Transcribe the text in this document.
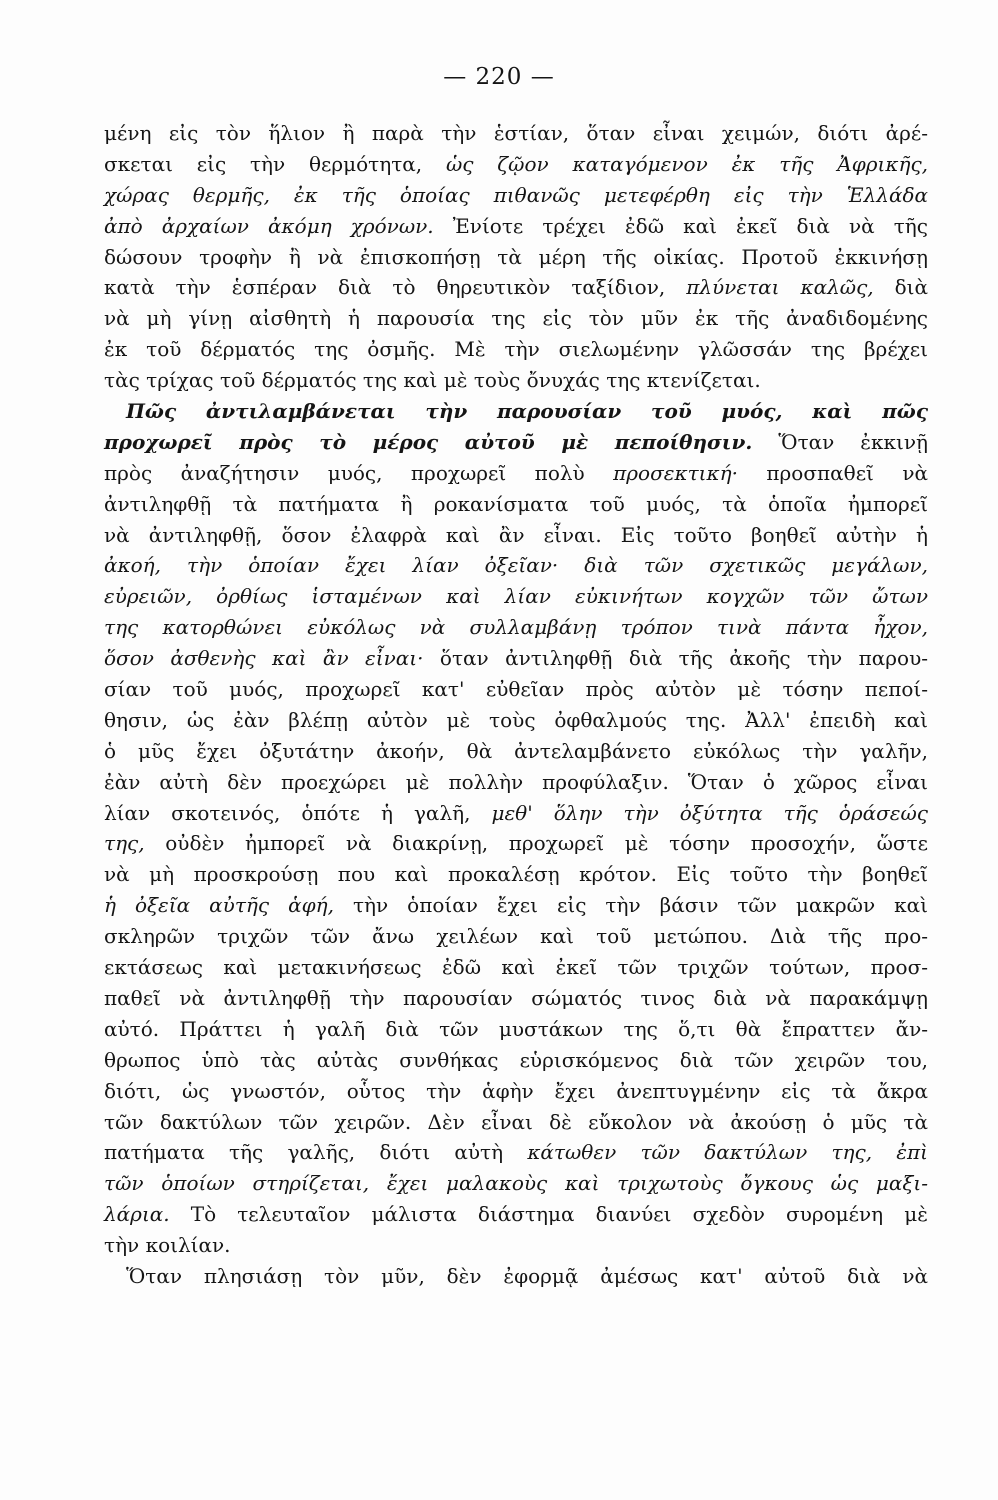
— 220 —
μένη εἰς τὸν ἥλιον ἢ παρὰ τὴν ἑστίαν, ὅταν εἶναι χειμών, διότι ἀρέ-
σκεται εἰς τὴν θερμότητα, ὡς ζῷον καταγόμενον ἐκ τῆς Ἀφρικῆς,
χώρας θερμῆς, ἐκ τῆς ὁποίας πιθανῶς μετεφέρθη εἰς τὴν Ἑλλάδα
ἀπὸ ἀρχαίων ἀκόμη χρόνων. Ἐνίοτε τρέχει ἐδῶ καὶ ἐκεῖ διὰ νὰ τῆς
δώσουν τροφὴν ἢ νὰ ἐπισκοπήσῃ τὰ μέρη τῆς οἰκίας. Πρoτοῦ ἐκκινήσῃ
κατὰ τὴν ἑσπέραν διὰ τὸ θηρευτικὸν ταξίδιον, πλύνεται καλῶς, διὰ
νὰ μὴ γίνῃ αἰσθητὴ ἡ παρουσία της εἰς τὸν μῦν ἐκ τῆς ἀναδιδομένης
ἐκ τοῦ δέρματός της ὀσμῆς. Μὲ τὴν σιελωμένην γλῶσσάν της βρέχει
τὰς τρίχας τοῦ δέρματός της καὶ μὲ τοὺς ὄνυχάς της κτενίζεται.
Πῶς ἀντιλαμβάνεται τὴν παρουσίαν τοῦ μυός, καὶ πῶς
προχωρεῖ πρὸς τὸ μέρος αὐτοῦ μὲ πεποίθησιν. Ὅταν ἐκκινῇ
πρὸς ἀναζήτησιν μυός, προχωρεῖ πολὺ προσεκτική· προσπαθεῖ νὰ
ἀντιληφθῇ τὰ πατήματα ἢ ροκανίσματα τοῦ μυός, τὰ ὁποῖα ἠμπορεῖ
νὰ ἀντιληφθῇ, ὅσον ἐλαφρὰ καὶ ἂν εἶναι. Εἰς τοῦτο βοηθεῖ αὐτὴν ἡ
ἀκοή, τὴν ὁποίαν ἔχει λίαν ὀξεῖαν· διὰ τῶν σχετικῶς μεγάλων,
εὐρειῶν, ὀρθίως ἱσταμένων καὶ λίαν εὐκινήτων κογχῶν τῶν ὤτων
της κατορθώνει εὐκόλως νὰ συλλαμβάνῃ τρόπον τινὰ πάντα ἦχον,
ὅσον ἀσθενὴς καὶ ἂν εἶναι· ὅταν ἀντιληφθῇ διὰ τῆς ἀκοῆς τὴν παρου-
σίαν τοῦ μυός, προχωρεῖ κατ' εὐθεῖαν πρὸς αὐτὸν μὲ τόσην πεποί-
θησιν, ὡς ἐὰν βλέπῃ αὐτὸν μὲ τοὺς ὀφθαλμούς της. Ἀλλ' ἐπειδὴ καὶ
ὁ μῦς ἔχει ὀξυτάτην ἀκοήν, θὰ ἀντελαμβάνετο εὐκόλως τὴν γαλῆν,
ἐὰν αὐτὴ δὲν προεχώρει μὲ πολλὴν προφύλαξιν. Ὅταν ὁ χῶρος εἶναι
λίαν σκοτεινός, ὁπότε ἡ γαλῆ, μεθ' ὅλην τὴν ὀξύτητα τῆς ὁράσεώς
της, οὐδὲν ἠμπορεῖ νὰ διακρίνῃ, προχωρεῖ μὲ τόσην προσοχήν, ὥστε
νὰ μὴ προσκρούσῃ που καὶ προκαλέσῃ κρότον. Εἰς τοῦτο τὴν βοηθεῖ
ἡ ὀξεῖα αὐτῆς ἁφή, τὴν ὁποίαν ἔχει εἰς τὴν βάσιν τῶν μακρῶν καὶ
σκληρῶν τριχῶν τῶν ἄνω χειλέων καὶ τοῦ μετώπου. Διὰ τῆς προ-
εκτάσεως καὶ μετακινήσεως ἐδῶ καὶ ἐκεῖ τῶν τριχῶν τούτων, προσ-
παθεῖ νὰ ἀντιληφθῇ τὴν παρουσίαν σώματός τινος διὰ νὰ παρακάμψῃ
αὐτό. Πράττει ἡ γαλῆ διὰ τῶν μυστάκων της ὅ,τι θὰ ἔπραττεν ἄν-
θρωπος ὑπὸ τὰς αὐτὰς συνθήκας εὑρισκόμενος διὰ τῶν χειρῶν του,
διότι, ὡς γνωστόν, οὗτος τὴν ἁφὴν ἔχει ἀνεπτυγμένην εἰς τὰ ἄκρα
τῶν δακτύλων τῶν χειρῶν. Δὲν εἶναι δὲ εὔκολον νὰ ἀκούσῃ ὁ μῦς τὰ
πατήματα τῆς γαλῆς, διότι αὐτὴ κάτωθεν τῶν δακτύλων της, ἐπὶ
τῶν ὁποίων στηρίζεται, ἔχει μαλακοὺς καὶ τριχωτοὺς ὄγκους ὡς μαξι-
λάρια. Τὸ τελευταῖον μάλιστα διάστημα διανύει σχεδὸν συρομένη μὲ
τὴν κοιλίαν.
Ὅταν πλησιάσῃ τὸν μῦν, δὲν ἐφορμᾷ ἀμέσως κατ' αὐτοῦ διὰ νὰ
